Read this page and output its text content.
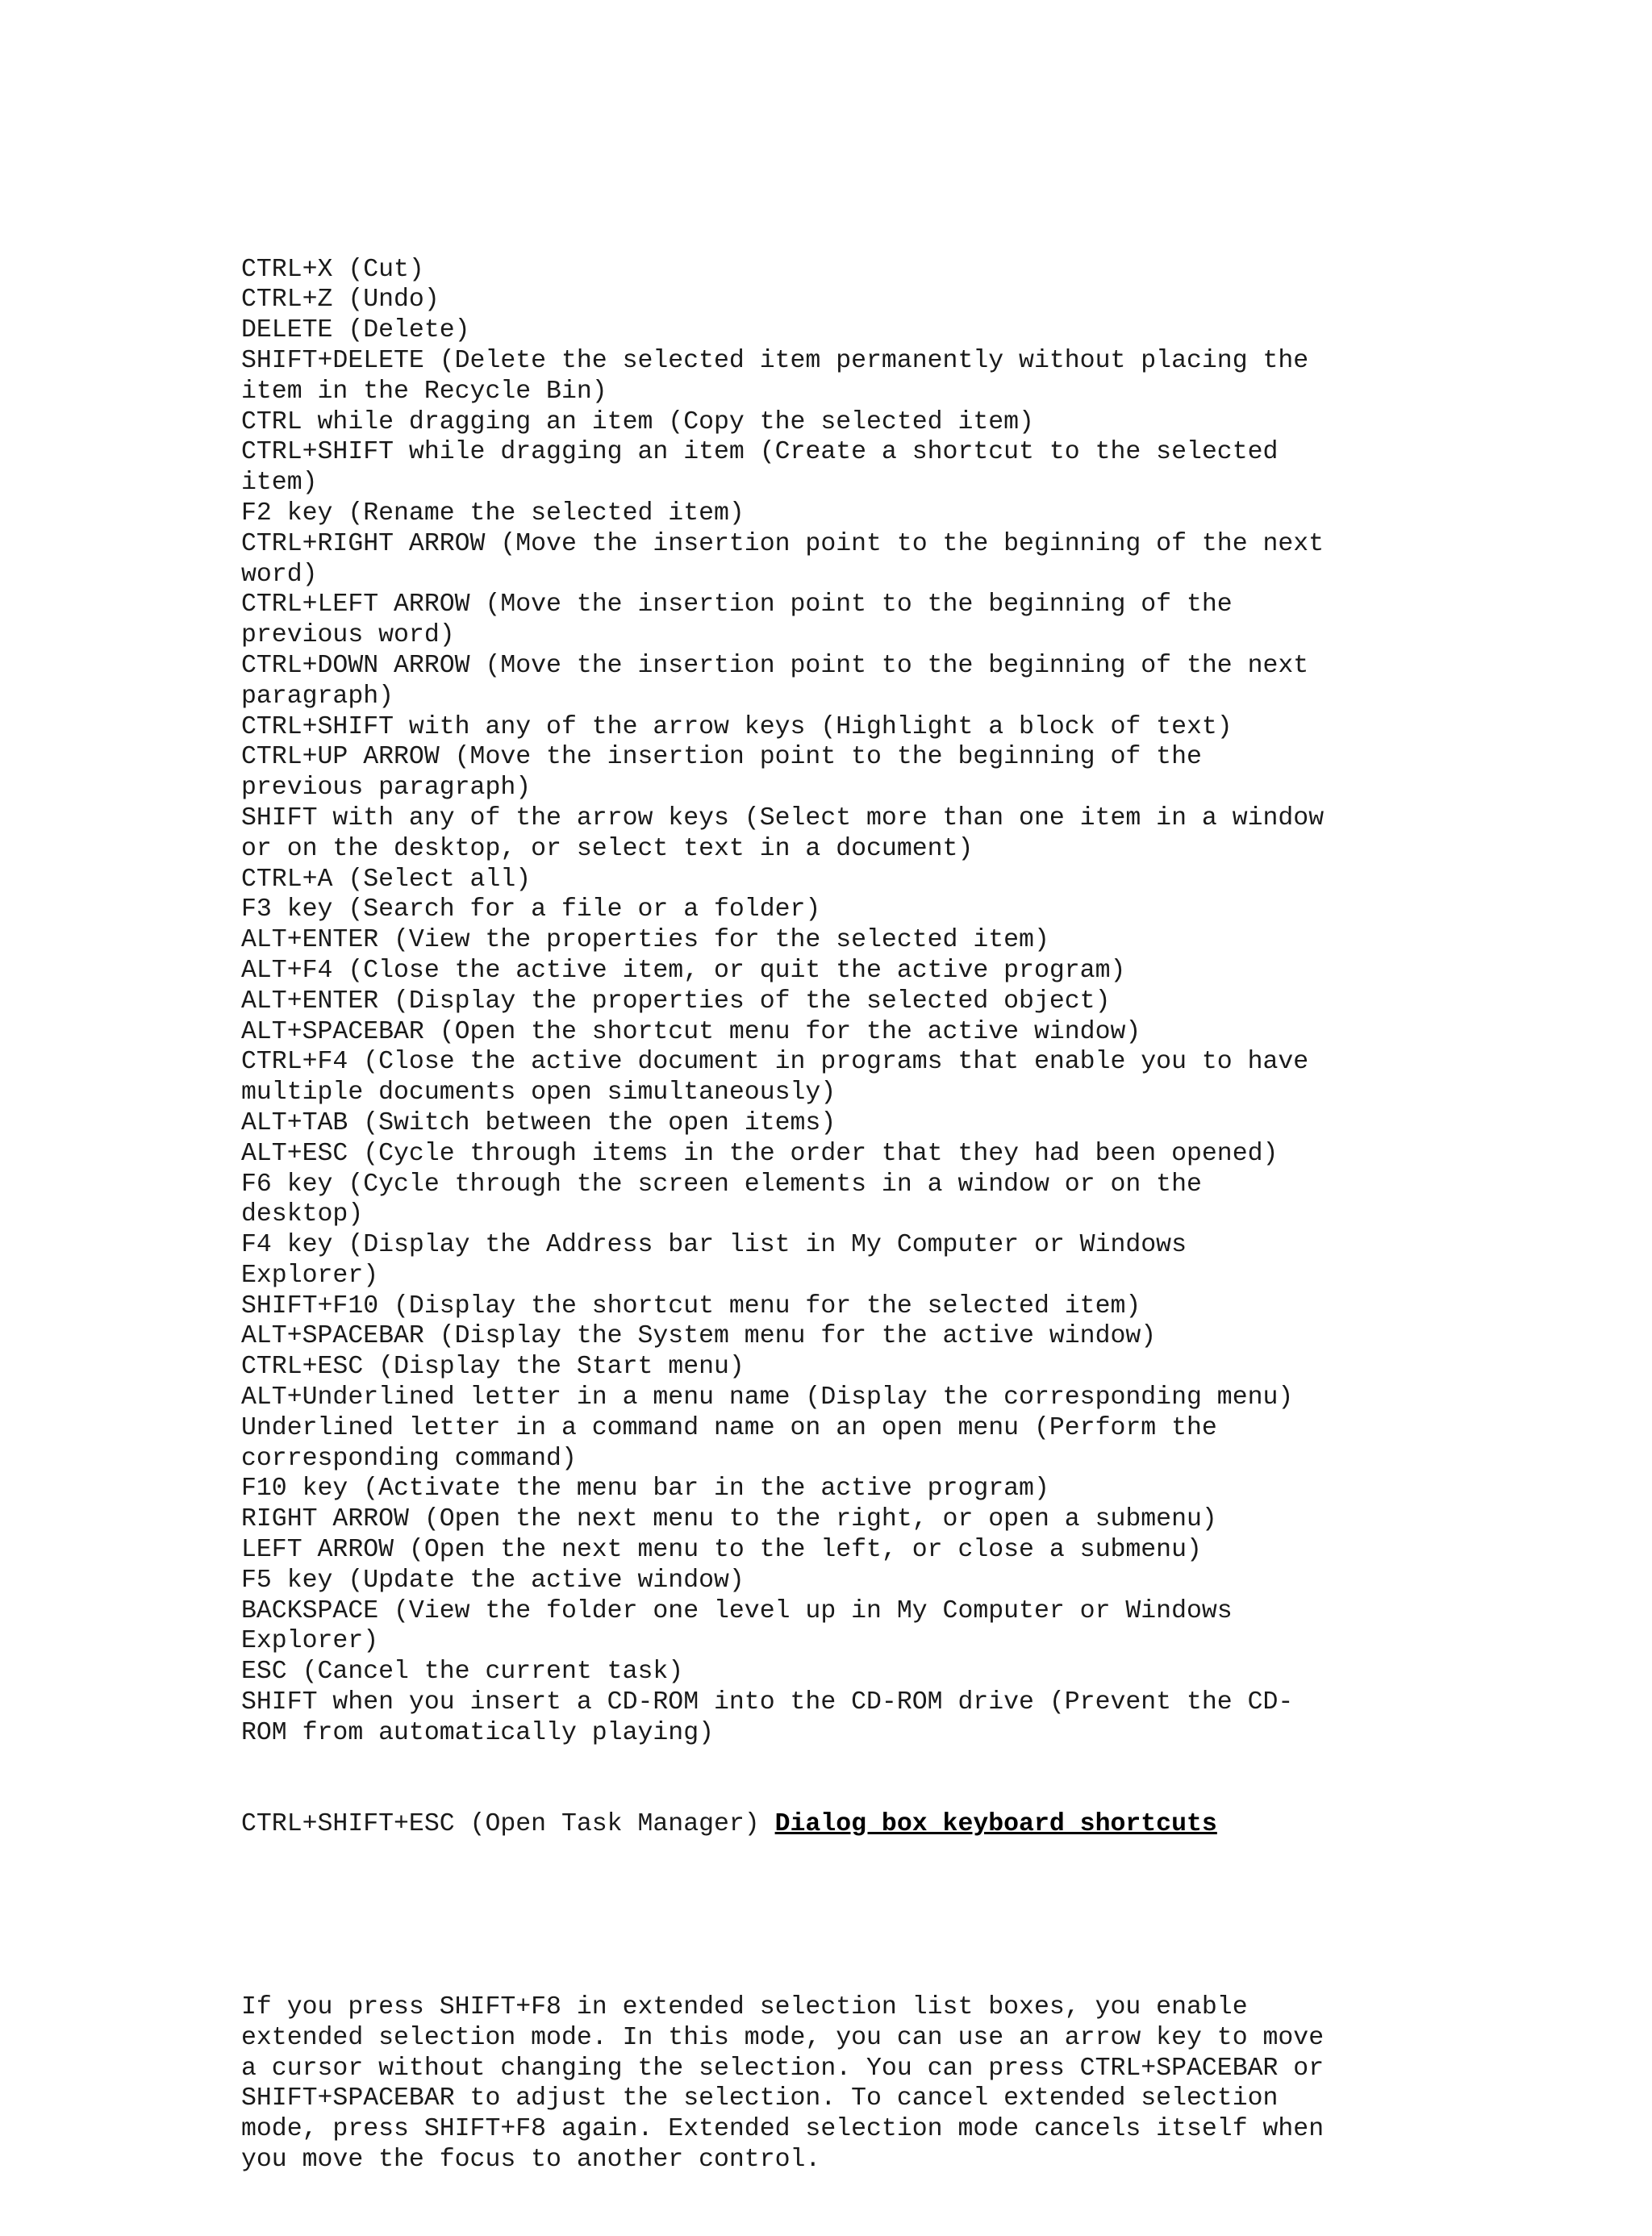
CTRL+X (Cut)
CTRL+Z (Undo)
DELETE (Delete)
SHIFT+DELETE (Delete the selected item permanently without placing the
item in the Recycle Bin)
CTRL while dragging an item (Copy the selected item)
CTRL+SHIFT while dragging an item (Create a shortcut to the selected
item)
F2 key (Rename the selected item)
CTRL+RIGHT ARROW (Move the insertion point to the beginning of the next
word)
CTRL+LEFT ARROW (Move the insertion point to the beginning of the
previous word)
CTRL+DOWN ARROW (Move the insertion point to the beginning of the next
paragraph)
CTRL+SHIFT with any of the arrow keys (Highlight a block of text)
CTRL+UP ARROW (Move the insertion point to the beginning of the
previous paragraph)
SHIFT with any of the arrow keys (Select more than one item in a window
or on the desktop, or select text in a document)
CTRL+A (Select all)
F3 key (Search for a file or a folder)
ALT+ENTER (View the properties for the selected item)
ALT+F4 (Close the active item, or quit the active program)
ALT+ENTER (Display the properties of the selected object)
ALT+SPACEBAR (Open the shortcut menu for the active window)
CTRL+F4 (Close the active document in programs that enable you to have
multiple documents open simultaneously)
ALT+TAB (Switch between the open items)
ALT+ESC (Cycle through items in the order that they had been opened)
F6 key (Cycle through the screen elements in a window or on the
desktop)
F4 key (Display the Address bar list in My Computer or Windows
Explorer)
SHIFT+F10 (Display the shortcut menu for the selected item)
ALT+SPACEBAR (Display the System menu for the active window)
CTRL+ESC (Display the Start menu)
ALT+Underlined letter in a menu name (Display the corresponding menu)
Underlined letter in a command name on an open menu (Perform the
corresponding command)
F10 key (Activate the menu bar in the active program)
RIGHT ARROW (Open the next menu to the right, or open a submenu)
LEFT ARROW (Open the next menu to the left, or close a submenu)
F5 key (Update the active window)
BACKSPACE (View the folder one level up in My Computer or Windows
Explorer)
ESC (Cancel the current task)
SHIFT when you insert a CD-ROM into the CD-ROM drive (Prevent the CD-
ROM from automatically playing)

CTRL+SHIFT+ESC (Open Task Manager) Dialog box keyboard shortcuts

If you press SHIFT+F8 in extended selection list boxes, you enable
extended selection mode. In this mode, you can use an arrow key to move
a cursor without changing the selection. You can press CTRL+SPACEBAR or
SHIFT+SPACEBAR to adjust the selection. To cancel extended selection
mode, press SHIFT+F8 again. Extended selection mode cancels itself when
you move the focus to another control.
